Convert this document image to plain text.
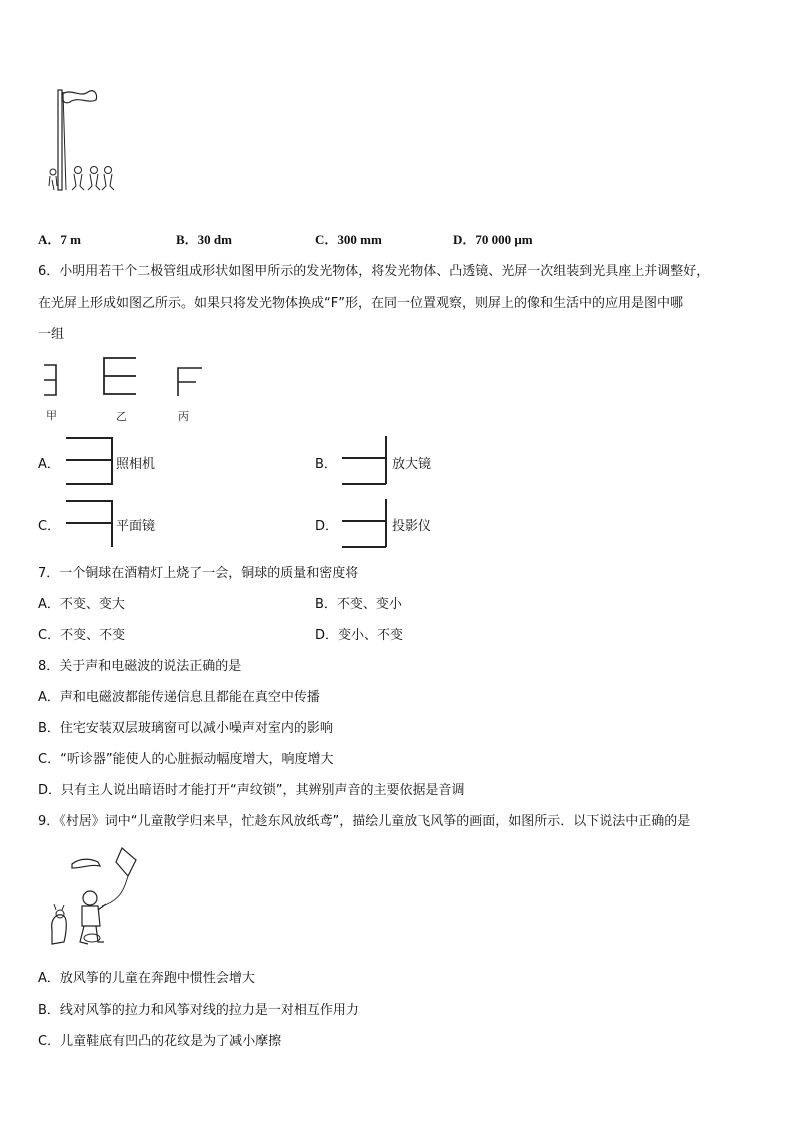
A．7 m	B．30 dm	C．300 mm	D．70 000 μm
6．小明用若干个二极管组成形状如图甲所示的发光物体，将发光物体、凸透镜、光屏一次组装到光具座上并调整好，
在光屏上形成如图乙所示。如果只将发光物体换成“F”形，在同一位置观察，则屏上的像和生活中的应用是图中哪
一组
甲	乙	丙
A．	照相机	B．	放大镜
C．	平面镜	D．	投影仪
7．一个铜球在酒精灯上烧了一会，铜球的质量和密度将
A．不变、变大	B．不变、变小
C．不变、不变	D．变小、不变
8．关于声和电磁波的说法正确的是
A．声和电磁波都能传递信息且都能在真空中传播
B．住宅安装双层玻璃窗可以减小噪声对室内的影响
C．“听诊器”能使人的心脏振动幅度增大，响度增大
D．只有主人说出暗语时才能打开“声纹锁”，其辨别声音的主要依据是音调
9．《村居》词中“儿童散学归来早，忙趁东风放纸鸢”，描绘儿童放飞风筝的画面，如图所示．以下说法中正确的是
A．放风筝的儿童在奔跑中惯性会增大
B．线对风筝的拉力和风筝对线的拉力是一对相互作用力
C．儿童鞋底有凹凸的花纹是为了减小摩擦
